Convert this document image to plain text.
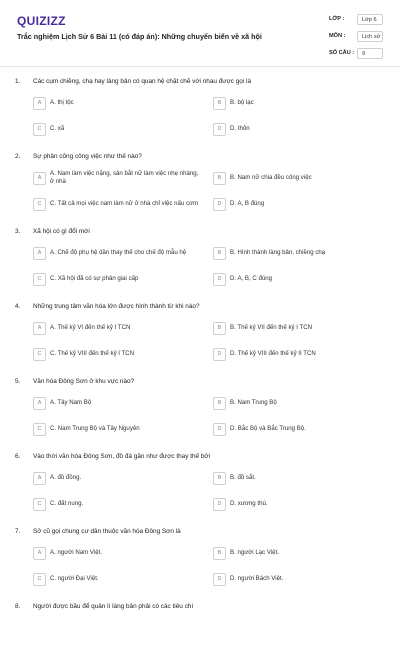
QUIZIZZ
Trắc nghiệm Lịch Sử 6 Bài 11 (có đáp án): Những chuyển biến về xã hội
LỚP :	Lớp 6
MÔN :	Lịch sử
SỐ CÂU :	9
1. Các cụm chiềng, chạ hay làng bản có quan hệ chặt chẽ với nhau được gọi là
A	A. thị tộc	B	B. bộ lạc
C	C. xã	D	D. thôn
2. Sự phân công công việc như thế nào?
A
A. Nam làm việc nặng, sản bắt nữ làm việc nhẹ nhàng, ở nhà	B	B. Nam nữ chia đều công việc
C	C. Tất cả mọi việc nam làm nữ ở nhà chỉ việc nấu cơm	D	D. A, B đúng
3. Xã hội có gì đổi mới
A	A. Chế độ phụ hệ dần thay thế cho chế độ mẫu hệ	B	B. Hình thành làng bản, chiềng chạ
C	C. Xã hội đã có sự phân giai cấp	D	D. A, B, C đúng
4. Những trung tâm văn hóa lớn được hình thành từ khi nào?
A	A. Thế kỷ VI đến thế kỷ I TCN	B	B. Thế kỷ VII đến thế kỷ I TCN
C	C. Thế kỷ VIII đến thế kỷ I TCN	D	D. Thế kỷ VIII đến thế kỷ II TCN
5. Văn hóa Đông Sơn ở khu vực nào?
A	A. Tây Nam Bộ	B	B. Nam Trung Bộ
C	C. Nam Trung Bộ và Tây Nguyên	D	D. Bắc Bộ và Bắc Trung Bộ.
6. Vào thời văn hóa Đông Sơn, đồ đá gần như được thay thế bởi
A	A. đồ đồng.	B	B. đồ sắt.
C	C. đất nung.	D	D. xương thú.
7. Sở cũ gọi chung cư dân thuộc văn hóa Đông Sơn là
A	A. người Nam Việt.	B	B. người Lạc Việt.
C	C. người Đại Việt.	D	D. người Bách Việt.
8. Người được bầu để quản lí làng bản phải có các tiêu chí
